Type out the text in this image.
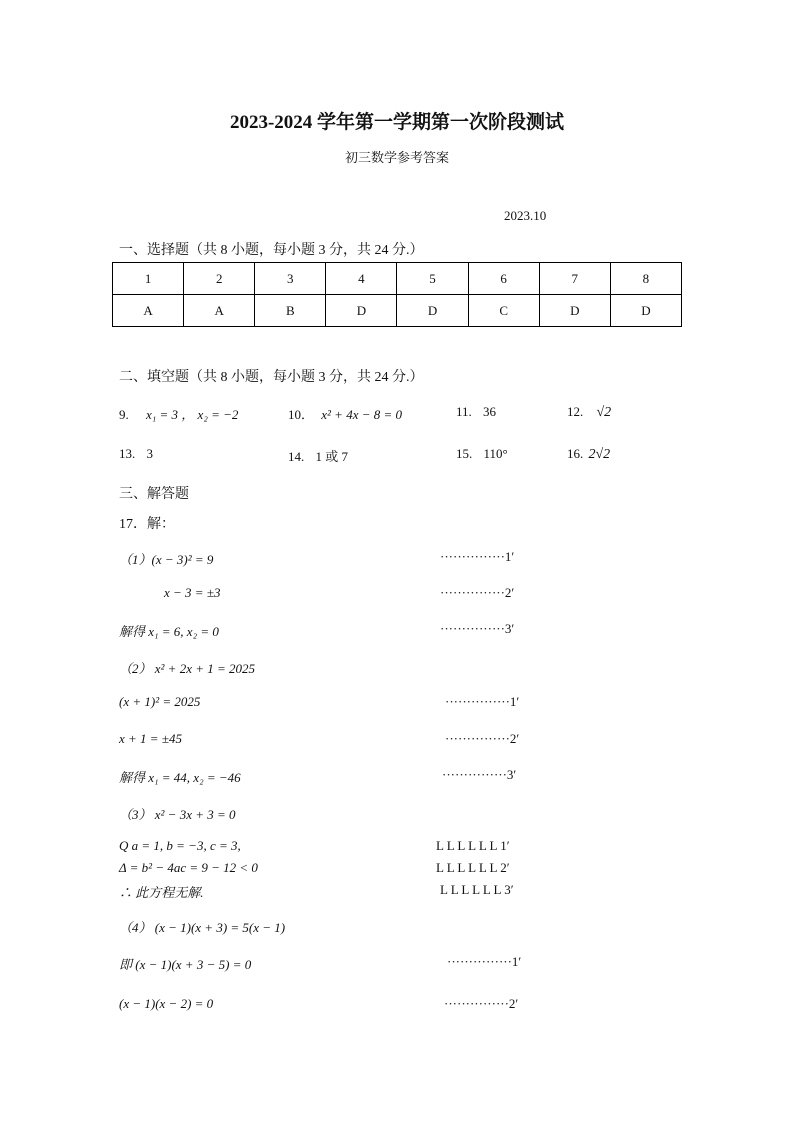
2023-2024 学年第一学期第一次阶段测试
初三数学参考答案
2023.10
一、选择题（共 8 小题，每小题 3 分，共 24 分.）
1	2	3	4	5	6	7	8
A	A	B	D	D	C	D	D
二、填空题（共 8 小题，每小题 3 分，共 24 分.）
9. x₁ = 3 ， x₂ = −2	10． x² + 4x − 8 = 0	11. 36	12. √2
13. 3	14. 1 或 7	15. 110°	16. 2√2
三、解答题
17．解：
（1）(x − 3)² = 9	···············1′
x − 3 = ±3	···············2′
解得 x₁ = 6, x₂ = 0	···············3′
（2） x² + 2x + 1 = 2025
(x + 1)² = 2025	···············1′
x + 1 = ±45	···············2′
解得 x₁ = 44, x₂ = −46	···············3′
（3） x² − 3x + 3 = 0
Q a = 1, b = −3, c = 3,	L L L L L L 1′
Δ = b² − 4ac = 9 − 12 < 0	L L L L L L 2′
∴ 此方程无解.	L L L L L L 3′
（4） (x − 1)(x + 3) = 5(x − 1)
即 (x − 1)(x + 3 − 5) = 0	···············1′
(x − 1)(x − 2) = 0	···············2′
